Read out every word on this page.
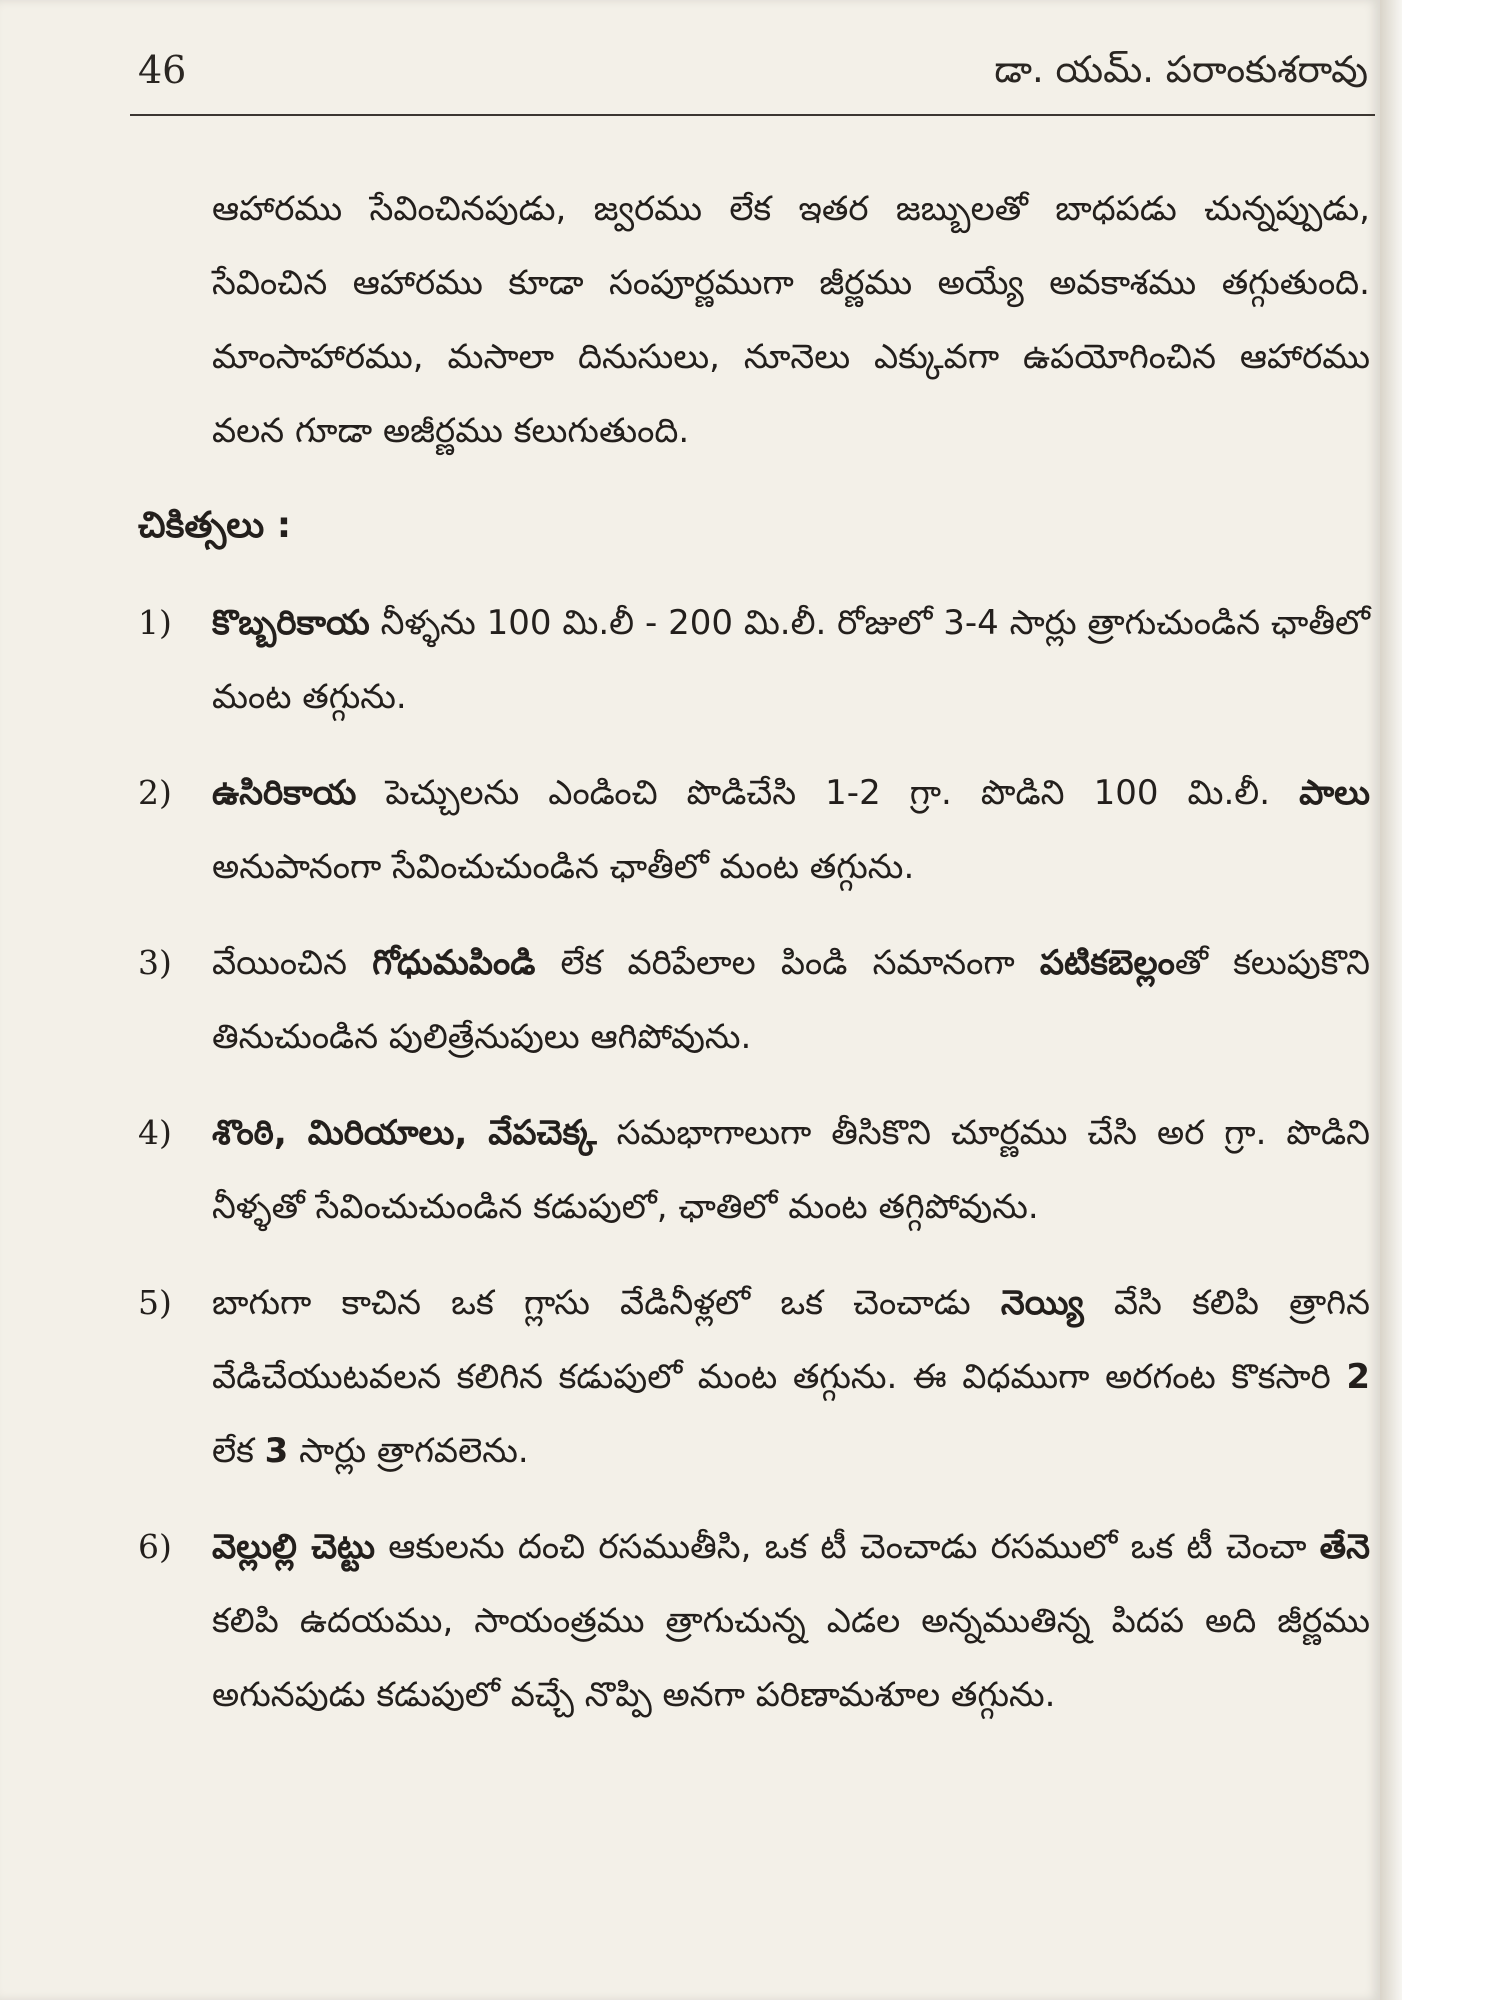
46	డా. యమ్. పరాంకుశరావు

ఆహారము సేవించినపుడు, జ్వరము లేక ఇతర జబ్బులతో బాధపడు చున్నప్పుడు, సేవించిన ఆహారము కూడా సంపూర్ణముగా జీర్ణము అయ్యే అవకాశము తగ్గుతుంది. మాంసాహారము, మసాలా దినుసులు, నూనెలు ఎక్కువగా ఉపయోగించిన ఆహారము వలన గూడా అజీర్ణము కలుగుతుంది.

చికిత్సలు :
1)	కొబ్బరికాయ నీళ్ళను 100 మి.లీ - 200 మి.లీ. రోజులో 3-4 సార్లు త్రాగుచుండిన ఛాతీలో మంట తగ్గును.
2)	ఉసిరికాయ పెచ్చులను ఎండించి పొడిచేసి 1-2 గ్రా. పొడిని 100 మి.లీ. పాలు అనుపానంగా సేవించుచుండిన ఛాతీలో మంట తగ్గును.
3)	వేయించిన గోధుమపిండి లేక వరిపేలాల పిండి సమానంగా పటికబెల్లంతో కలుపుకొని తినుచుండిన పులిత్రేనుపులు ఆగిపోవును.
4)	శొంఠి, మిరియాలు, వేపచెక్క సమభాగాలుగా తీసికొని చూర్ణము చేసి అర గ్రా. పొడిని నీళ్ళతో సేవించుచుండిన కడుపులో, ఛాతిలో మంట తగ్గిపోవును.
5)	బాగుగా కాచిన ఒక గ్లాసు వేడినీళ్లలో ఒక చెంచాడు నెయ్యి వేసి కలిపి త్రాగిన వేడిచేయుటవలన కలిగిన కడుపులో మంట తగ్గును. ఈ విధముగా అరగంట కొకసారి 2 లేక 3 సార్లు త్రాగవలెను.
6)	వెల్లుల్లి చెట్టు ఆకులను దంచి రసముతీసి, ఒక టీ చెంచాడు రసములో ఒక టీ చెంచా తేనె కలిపి ఉదయము, సాయంత్రము త్రాగుచున్న ఎడల అన్నముతిన్న పిదప అది జీర్ణము అగునపుడు కడుపులో వచ్చే నొప్పి అనగా పరిణామశూల తగ్గును.
